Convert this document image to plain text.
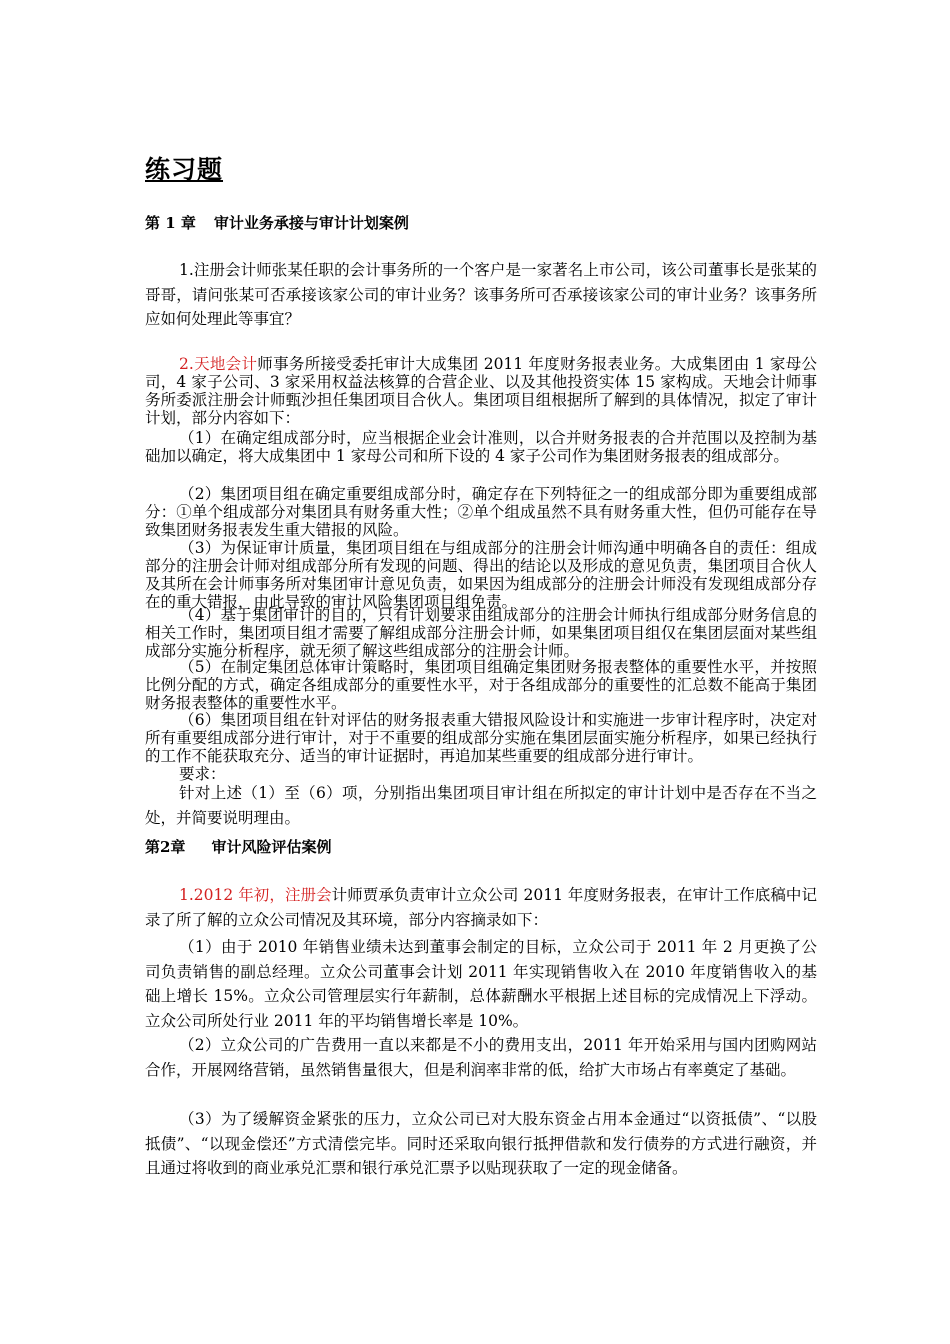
练习题

第 1 章 审计业务承接与审计计划案例

1.注册会计师张某任职的会计事务所的一个客户是一家著名上市公司，该公司董事长是张某的哥哥，请问张某可否承接该家公司的审计业务？该事务所可否承接该家公司的审计业务？该事务所应如何处理此等事宜？

2.天地会计师事务所接受委托审计大成集团 2011 年度财务报表业务。大成集团由 1 家母公司，4 家子公司、3 家采用权益法核算的合营企业、以及其他投资实体 15 家构成。天地会计师事务所委派注册会计师甄沙担任集团项目合伙人。集团项目组根据所了解到的具体情况，拟定了审计计划，部分内容如下：

（1）在确定组成部分时，应当根据企业会计准则，以合并财务报表的合并范围以及控制为基础加以确定，将大成集团中 1 家母公司和所下设的 4 家子公司作为集团财务报表的组成部分。

（2）集团项目组在确定重要组成部分时，确定存在下列特征之一的组成部分即为重要组成部分：①单个组成部分对集团具有财务重大性；②单个组成虽然不具有财务重大性，但仍可能存在导致集团财务报表发生重大错报的风险。

（3）为保证审计质量，集团项目组在与组成部分的注册会计师沟通中明确各自的责任：组成部分的注册会计师对组成部分所有发现的问题、得出的结论以及形成的意见负责，集团项目合伙人及其所在会计师事务所对集团审计意见负责，如果因为组成部分的注册会计师没有发现组成部分存在的重大错报，由此导致的审计风险集团项目组免责。

（4）基于集团审计的目的，只有计划要求由组成部分的注册会计师执行组成部分财务信息的相关工作时，集团项目组才需要了解组成部分注册会计师，如果集团项目组仅在集团层面对某些组成部分实施分析程序，就无须了解这些组成部分的注册会计师。

（5）在制定集团总体审计策略时，集团项目组确定集团财务报表整体的重要性水平，并按照比例分配的方式，确定各组成部分的重要性水平，对于各组成部分的重要性的汇总数不能高于集团财务报表整体的重要性水平。

（6）集团项目组在针对评估的财务报表重大错报风险设计和实施进一步审计程序时，决定对所有重要组成部分进行审计，对于不重要的组成部分实施在集团层面实施分析程序，如果已经执行的工作不能获取充分、适当的审计证据时，再追加某些重要的组成部分进行审计。

要求：

针对上述（1）至（6）项，分别指出集团项目审计组在所拟定的审计计划中是否存在不当之处，并简要说明理由。

第2章 审计风险评估案例

1.2012 年初，注册会计师贾承负责审计立众公司 2011 年度财务报表，在审计工作底稿中记录了所了解的立众公司情况及其环境，部分内容摘录如下：

（1）由于 2010 年销售业绩未达到董事会制定的目标，立众公司于 2011 年 2 月更换了公司负责销售的副总经理。立众公司董事会计划 2011 年实现销售收入在 2010 年度销售收入的基础上增长 15%。立众公司管理层实行年薪制，总体薪酬水平根据上述目标的完成情况上下浮动。立众公司所处行业 2011 年的平均销售增长率是 10%。

（2）立众公司的广告费用一直以来都是不小的费用支出，2011 年开始采用与国内团购网站合作，开展网络营销，虽然销售量很大，但是利润率非常的低，给扩大市场占有率奠定了基础。

（3）为了缓解资金紧张的压力，立众公司已对大股东资金占用本金通过“以资抵债”、“以股抵债”、“以现金偿还”方式清偿完毕。同时还采取向银行抵押借款和发行债券的方式进行融资，并且通过将收到的商业承兑汇票和银行承兑汇票予以贴现获取了一定的现金储备。
